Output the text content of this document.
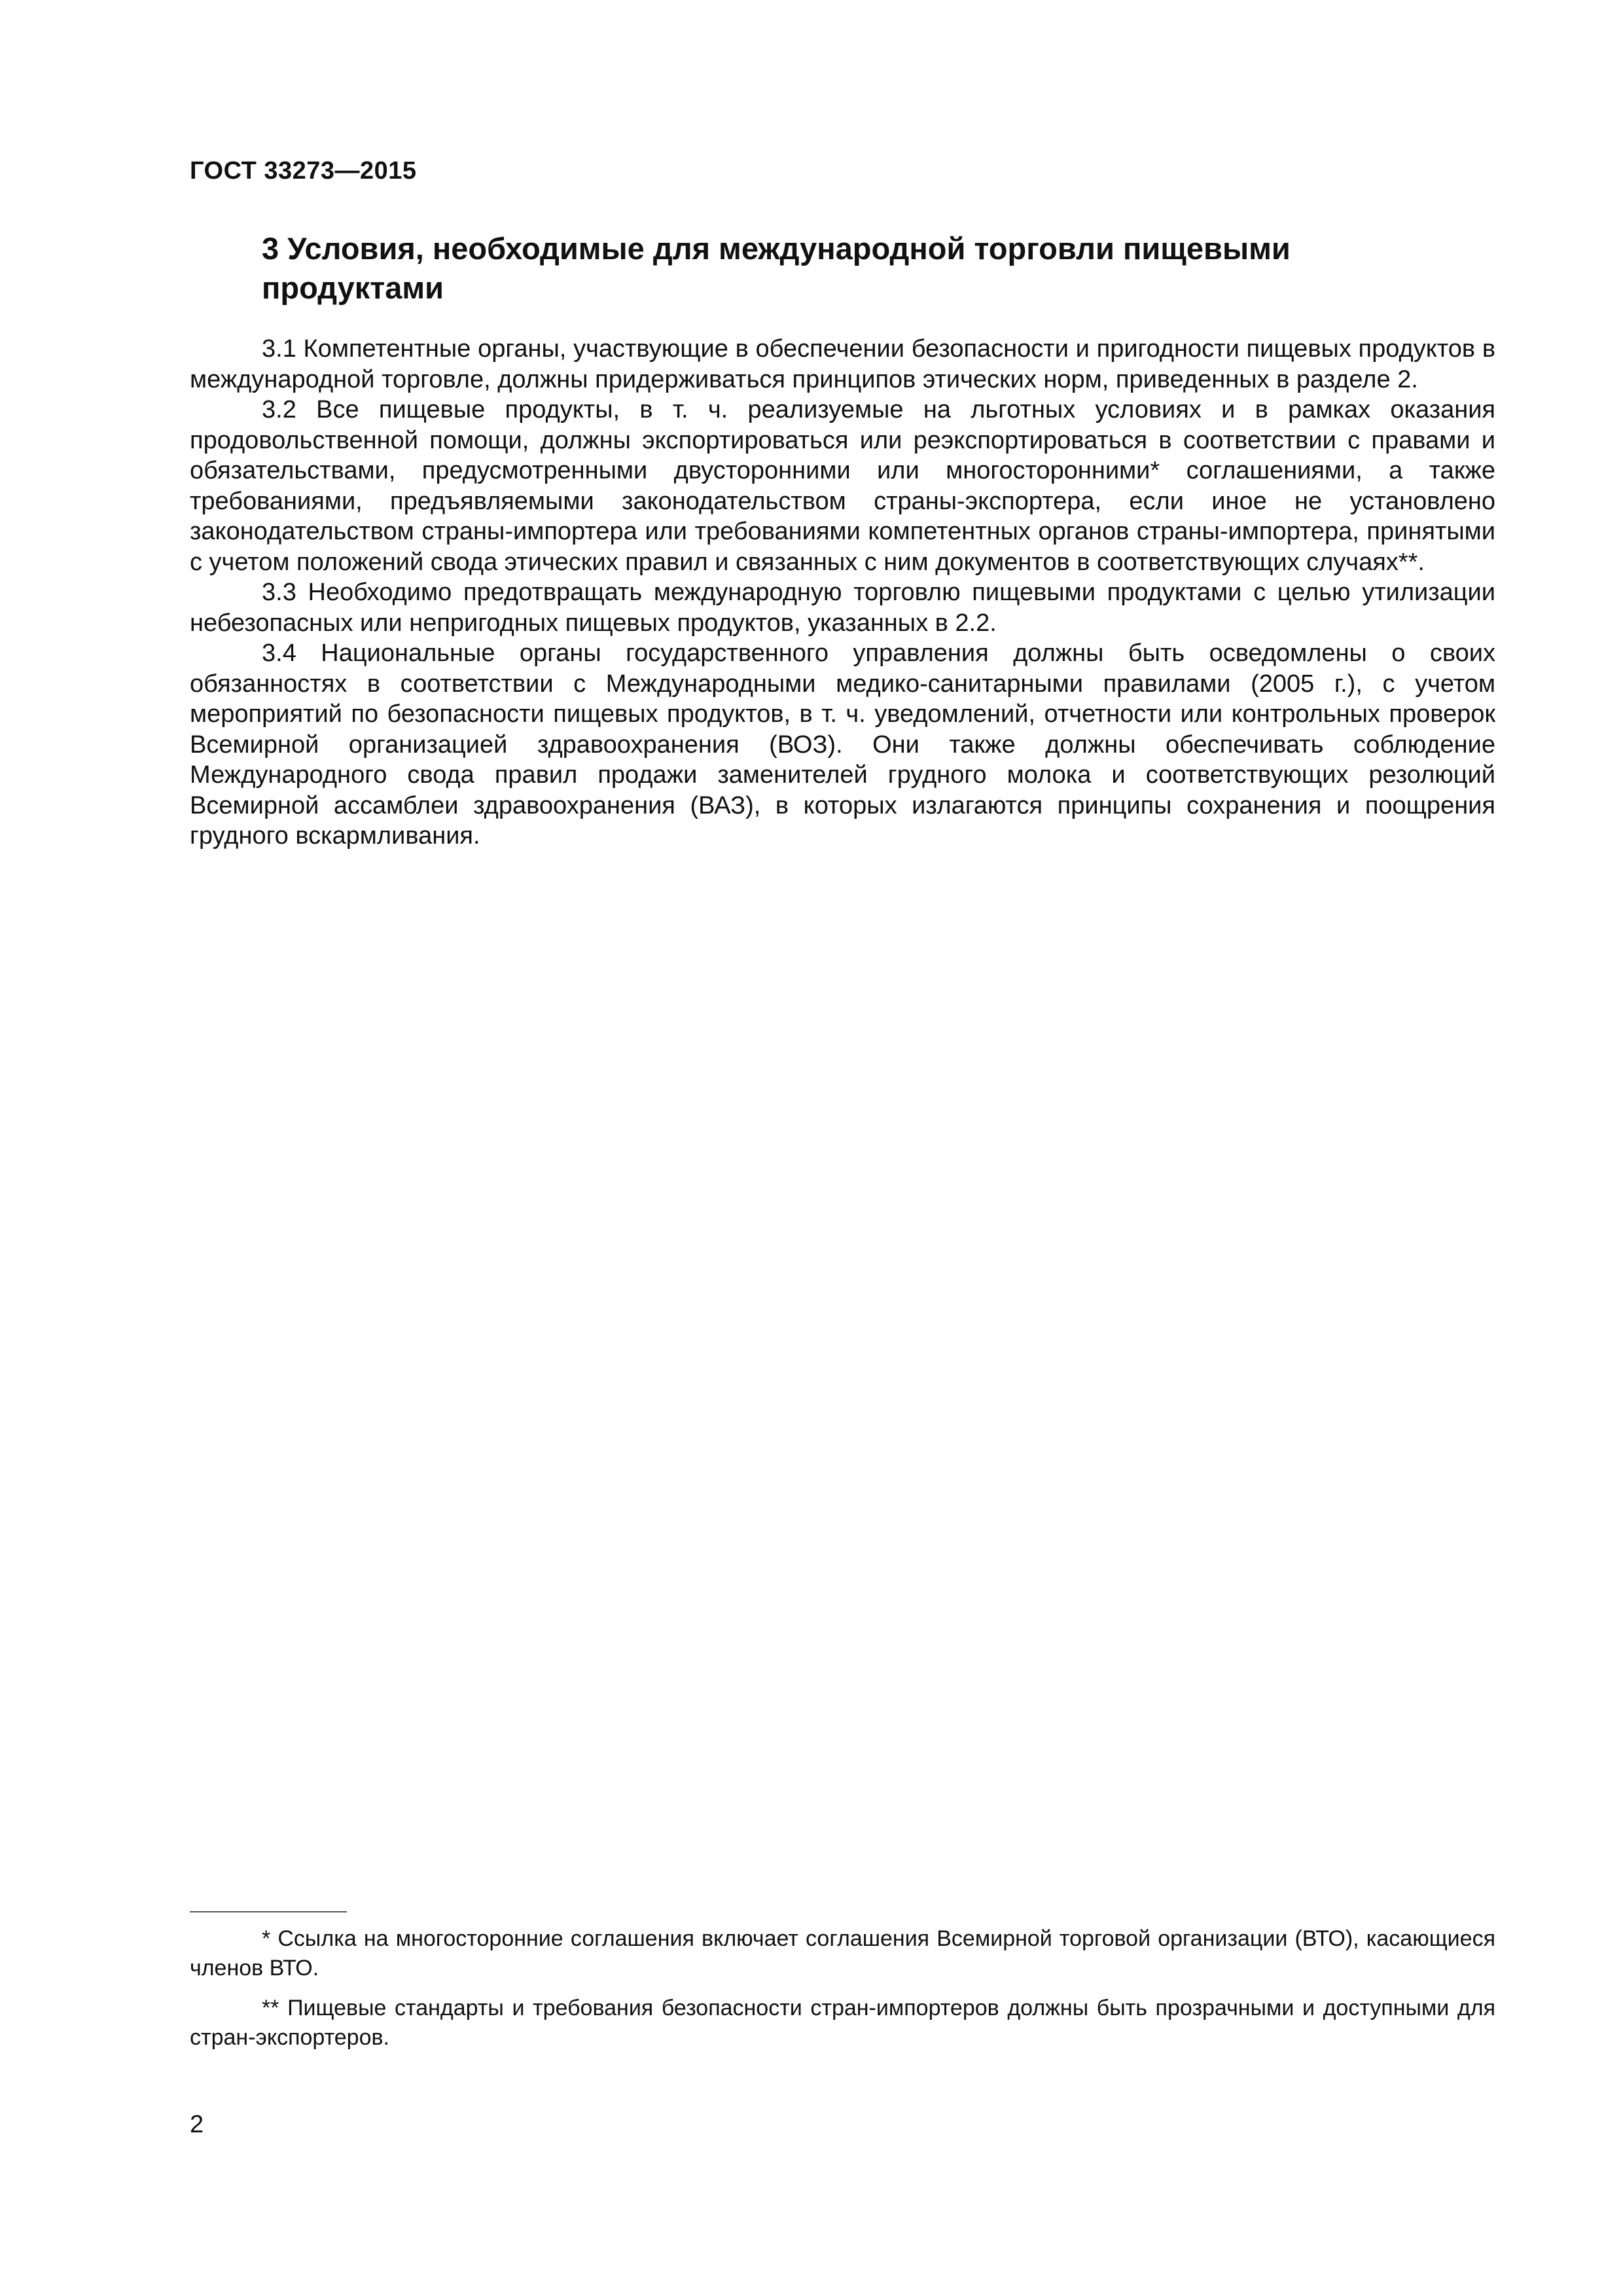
ГОСТ 33273—2015
3 Условия, необходимые для международной торговли пищевыми продуктами

3.1 Компетентные органы, участвующие в обеспечении безопасности и пригодности пищевых продуктов в международной торговле, должны придерживаться принципов этических норм, приведенных в разделе 2.

3.2 Все пищевые продукты, в т. ч. реализуемые на льготных условиях и в рамках оказания продовольственной помощи, должны экспортироваться или реэкспортироваться в соответствии с правами и обязательствами, предусмотренными двусторонними или многосторонними* соглашениями, а также требованиями, предъявляемыми законодательством страны-экспортера, если иное не установлено законодательством страны-импортера или требованиями компетентных органов страны-импортера, принятыми с учетом положений свода этических правил и связанных с ним документов в соответствующих случаях**.

3.3 Необходимо предотвращать международную торговлю пищевыми продуктами с целью утилизации небезопасных или непригодных пищевых продуктов, указанных в 2.2.

3.4 Национальные органы государственного управления должны быть осведомлены о своих обязанностях в соответствии с Международными медико-санитарными правилами (2005 г.), с учетом мероприятий по безопасности пищевых продуктов, в т. ч. уведомлений, отчетности или контрольных проверок Всемирной организацией здравоохранения (ВОЗ). Они также должны обеспечивать соблюдение Международного свода правил продажи заменителей грудного молока и соответствующих резолюций Всемирной ассамблеи здравоохранения (ВАЗ), в которых излагаются принципы сохранения и поощрения грудного вскармливания.

* Ссылка на многосторонние соглашения включает соглашения Всемирной торговой организации (ВТО), касающиеся членов ВТО.

** Пищевые стандарты и требования безопасности стран-импортеров должны быть прозрачными и доступными для стран-экспортеров.

2
